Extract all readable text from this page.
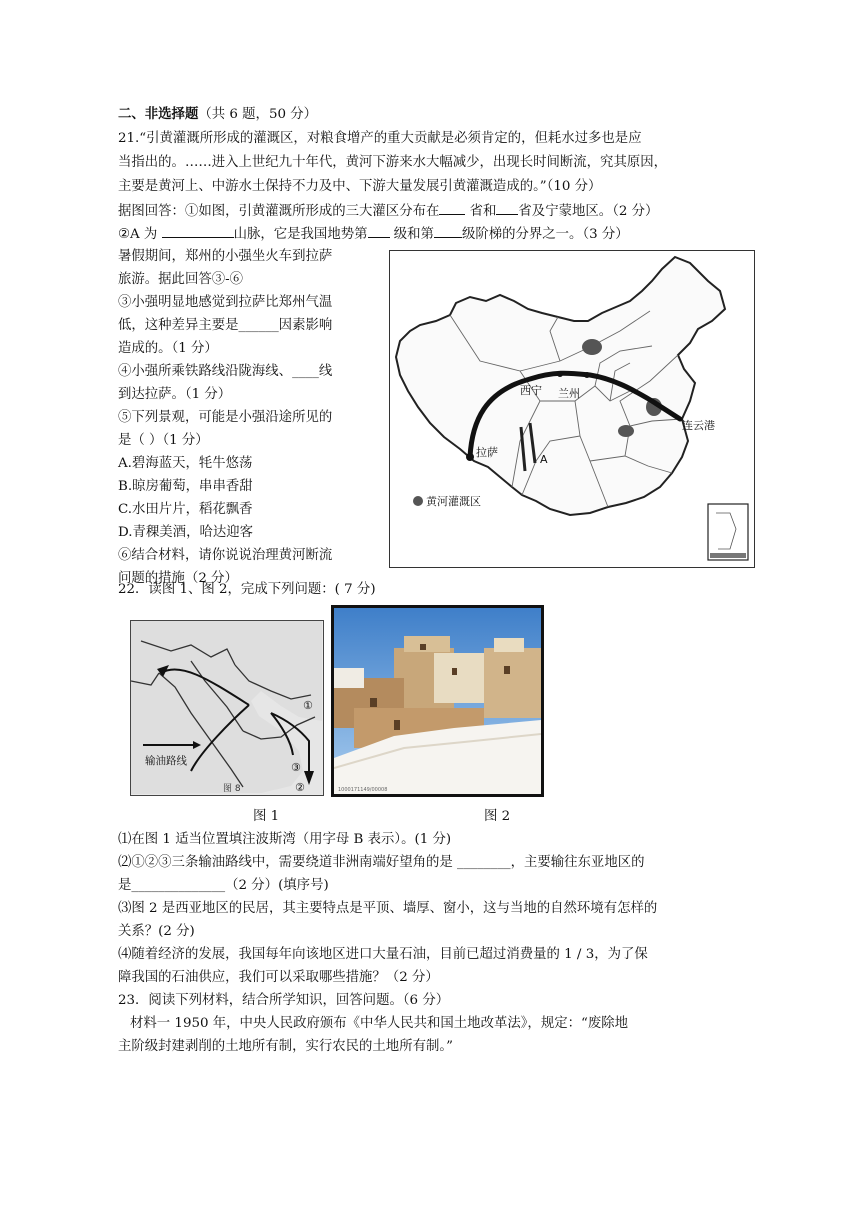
二、非选择题（共 6 题，50 分）
21.“引黄灌溉所形成的灌溉区，对粮食增产的重大贡献是必须肯定的，但耗水过多也是应
当指出的。……进入上世纪九十年代，黄河下游来水大幅减少，出现长时间断流，究其原因，
主要是黄河上、中游水土保持不力及中、下游大量发展引黄灌溉造成的。”（10 分）
据图回答：①如图，引黄灌溉所形成的三大灌区分布在 省和 省及宁蒙地区。（2 分）
②A 为	山脉，它是我国地势第 级和第 级阶梯的分界之一。（3 分）
暑假期间，郑州的小强坐火车到拉萨
旅游。据此回答③-⑥
③小强明显地感觉到拉萨比郑州气温
低，这种差异主要是______因素影响
造成的。（1 分）
④小强所乘铁路线沿陇海线、____线
到达拉萨。（1 分）
⑤下列景观，可能是小强沿途所见的
是（ ）（1 分）
A.碧海蓝天，牦牛悠荡
B.晾房葡萄，串串香甜
C.水田片片，稻花飘香
D.青稞美酒，哈达迎客
⑥结合材料，请你说说治理黄河断流
问题的措施（2 分）
西宁 兰州
连云港
拉萨
A
黄河灌溉区
22．读图 1、图 2，完成下列问题：( 7 分)
输油路线
①
③
②
图 8	1000171149/00008
图 1	图 2
⑴在图 1 适当位置填注波斯湾（用字母 B 表示）。(1 分)
⑵①②③三条输油路线中，需要绕道非洲南端好望角的是 ________，主要输往东亚地区的
是______________（2 分）(填序号)
⑶图 2 是西亚地区的民居，其主要特点是平顶、墙厚、窗小，这与当地的自然环境有怎样的
关系？(2 分)
⑷随着经济的发展，我国每年向该地区进口大量石油，目前已超过消费量的 1 / 3，为了保
障我国的石油供应，我们可以采取哪些措施？（2 分）
23．阅读下列材料，结合所学知识，回答问题。（6 分）
材料一 1950 年，中央人民政府颁布《中华人民共和国土地改革法》，规定：“废除地
主阶级封建剥削的土地所有制，实行农民的土地所有制。”
